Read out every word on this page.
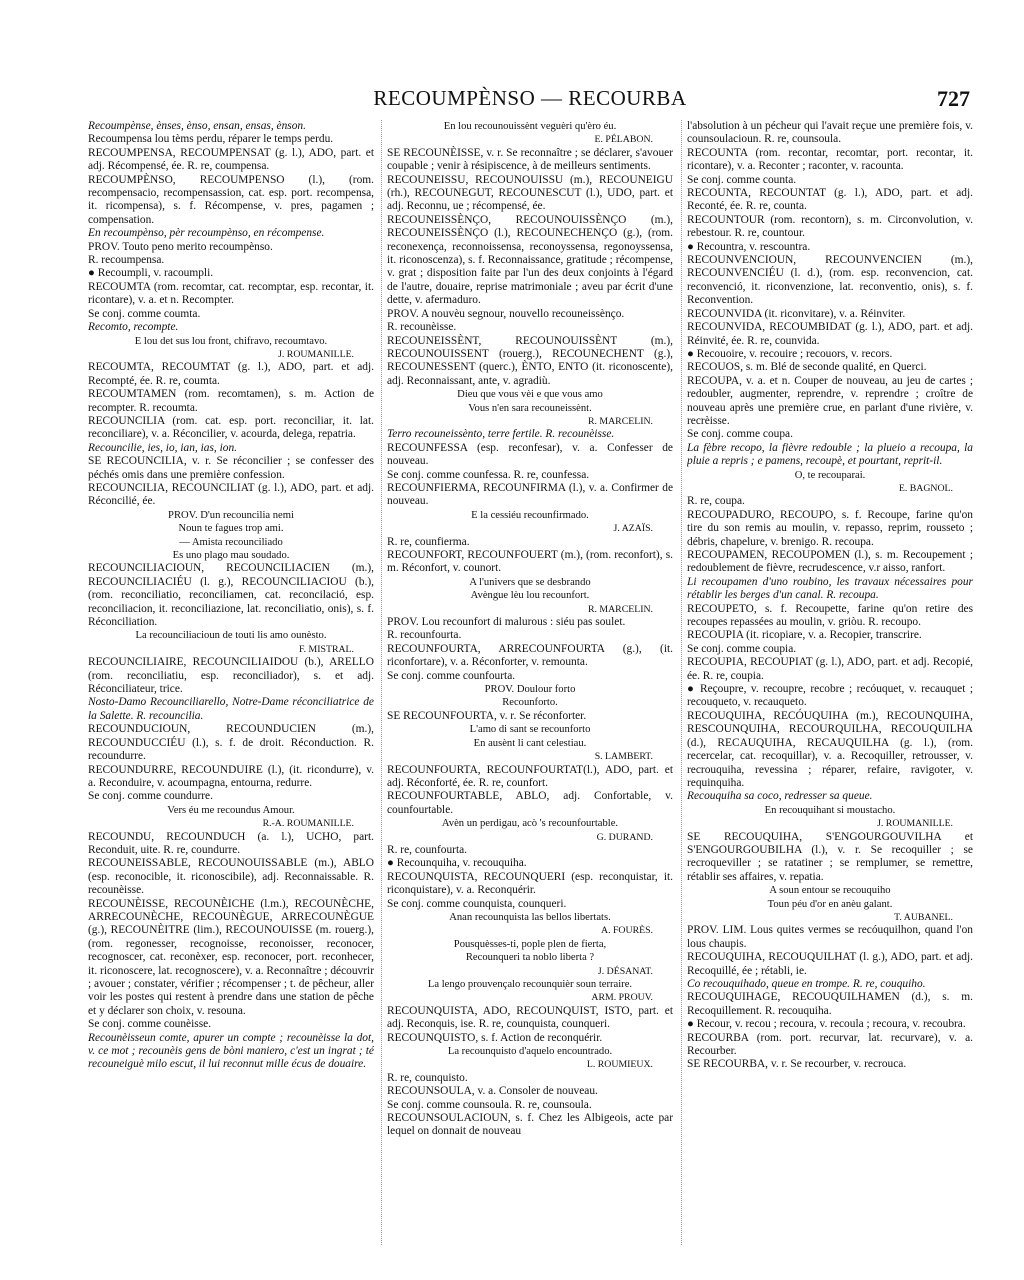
RECOUMPÈNSO — RECOURBA	727

Recoumpènse, ènses, ènso, ensan, ensas, ènson.

Recoumpensa lou tèms perdu, réparer le temps perdu.

RECOUMPENSA, RECOUMPENSAT (g. l.), ADO, part. et adj. Récompensé, ée. R. re, coumpensa.

RECOUMPÈNSO, RECOUMPENSO (l.), (rom. recompensacio, recompensassion, cat. esp. port. recompensa, it. ricompensa), s. f. Récompense, v. pres, pagamen ; compensation.

En recoumpènso, pèr recoumpènso, en récompense.

PROV. Touto peno merito recoumpènso.

R. recoumpensa.

● Recoumpli, v. racoumpli.

RECOUMTA (rom. recomtar, cat. recomptar, esp. recontar, it. ricontare), v. a. et n. Recompter.

Se conj. comme coumta.

Recomto, recompte.

E lou det sus lou front, chifravo, recoumtavo.

J. ROUMANILLE.

RECOUMTA, RECOUMTAT (g. l.), ADO, part. et adj. Recompté, ée. R. re, coumta.

RECOUMTAMEN (rom. recomtamen), s. m. Action de recompter. R. recoumta.

RECOUNCILIA (rom. cat. esp. port. reconciliar, it. lat. reconciliare), v. a. Réconcilier, v. acourda, delega, repatria.

Recouncilie, ies, io, ian, ias, ion.

SE RECOUNCILIA, v. r. Se réconcilier ; se confesser des péchés omis dans une première confession.

RECOUNCILIA, RECOUNCILIAT (g. l.), ADO, part. et adj. Réconcilié, ée.

PROV. D'un recouncilia nemi

Noun te fagues trop ami.

— Amista recounciliado

Es uno plago mau soudado.

RECOUNCILIACIOUN, RECOUNCILIACIEN (m.), RECOUNCILIACIÉU (l. g.), RECOUNCILIACIOU (b.), (rom. reconciliatio, reconciliamen, cat. reconcilació, esp. reconciliacion, it. reconciliazione, lat. reconciliatio, onis), s. f. Réconciliation.

La recounciliacioun de touti lis amo ounèsto.

F. MISTRAL.

RECOUNCILIAIRE, RECOUNCILIAIDOU (b.), ARELLO (rom. reconciliatiu, esp. reconciliador), s. et adj. Réconciliateur, trice.

Nosto-Damo Recounciliarello, Notre-Dame réconciliatrice de la Salette. R. recouncilia.

RECOUNDUCIOUN, RECOUNDUCIEN (m.), RECOUNDUCCIÉU (l.), s. f. de droit. Réconduction. R. recoundurre.

RECOUNDURRE, RECOUNDUIRE (l.), (it. ricondurre), v. a. Reconduire, v. acoumpagna, entourna, redurre.

Se conj. comme coundurre.

Vers éu me recoundus Amour.

R.-A. ROUMANILLE.

RECOUNDU, RECOUNDUCH (a. l.), UCHO, part. Reconduit, uite. R. re, coundurre.

RECOUNEISSABLE, RECOUNOUISSABLE (m.), ABLO (esp. reconocible, it. riconoscibile), adj. Reconnaissable. R. recounèisse.

RECOUNÈISSE, RECOUNÈICHE (l.m.), RECOUNÈCHE, ARRECOUNÈCHE, RECOUNÈGUE, ARRECOUNÈGUE (g.), RECOUNÈITRE (lim.), RECOUNOUISSE (m. rouerg.), (rom. regonesser, recognoisse, reconoisser, reconocer, recognoscer, cat. reconèxer, esp. reconocer, port. reconhecer, it. riconoscere, lat. recognoscere), v. a. Reconnaître ; découvrir ; avouer ; constater, vérifier ; récompenser ; t. de pêcheur, aller voir les postes qui restent à prendre dans une station de pêche et y déclarer son choix, v. resouna.

Se conj. comme counèisse.

Recounèisseun comte, apurer un compte ; recounèisse la dot, v. ce mot ; recounèis gens de bòni maniero, c'est un ingrat ; té recouneiguè milo escut, il lui reconnut mille écus de douaire.

En lou recounouissènt veguèri qu'èro éu.

E. PÉLABON.

SE RECOUNÈISSE, v. r. Se reconnaître ; se déclarer, s'avouer coupable ; venir à résipiscence, à de meilleurs sentiments.

RECOUNEISSU, RECOUNOUISSU (m.), RECOUNEIGU (rh.), RECOUNEGUT, RECOUNESCUT (l.), UDO, part. et adj. Reconnu, ue ; récompensé, ée.

RECOUNEISSÈNÇO, RECOUNOUISSÈNÇO (m.), RECOUNEISSÈNÇO (l.), RECOUNECHENÇO (g.), (rom. reconexença, reconnoissensa, reconoyssensa, regonoyssensa, it. riconoscenza), s. f. Reconnaissance, gratitude ; récompense, v. grat ; disposition faite par l'un des deux conjoints à l'égard de l'autre, douaire, reprise matrimoniale ; aveu par écrit d'une dette, v. afermaduro.

PROV. A nouvèu segnour, nouvello recouneissènço.

R. recounèisse.

RECOUNEISSÈNT, RECOUNOUISSÈNT (m.), RECOUNOUISSENT (rouerg.), RECOUNECHENT (g.), RECOUNESSENT (querc.), ÈNTO, ENTO (it. riconoscente), adj. Reconnaissant, ante, v. agradiù.

Dieu que vous vèi e que vous amo

Vous n'en sara recouneissènt.

R. MARCELIN.

Terro recouneissènto, terre fertile. R. recounèisse.

RECOUNFESSA (esp. reconfesar), v. a. Confesser de nouveau.

Se conj. comme counfessa. R. re, counfessa.

RECOUNFIERMA, RECOUNFIRMA (l.), v. a. Confirmer de nouveau.

E la cessiéu recounfirmado.

J. AZAÏS.

R. re, counfierma.

RECOUNFORT, RECOUNFOUERT (m.), (rom. reconfort), s. m. Réconfort, v. counort.

A l'univers que se desbrando

Avèngue lèu lou recounfort.

R. MARCELIN.

PROV. Lou recounfort di malurous : siéu pas soulet.

R. recounfourta.

RECOUNFOURTA, ARRECOUNFOURTA (g.), (it. riconfortare), v. a. Réconforter, v. remounta.

Se conj. comme counfourta.

PROV. Doulour forto

Recounforto.

SE RECOUNFOURTA, v. r. Se réconforter.

L'amo di sant se recounforto

En ausènt li cant celestiau.

S. LAMBERT.

RECOUNFOURTA, RECOUNFOURTAT(l.), ADO, part. et adj. Réconforté, ée. R. re, counfort.

RECOUNFOURTABLE, ABLO, adj. Confortable, v. counfourtable.

Avèn un perdigau, acò 's recounfourtable.

G. DURAND.

R. re, counfourta.

● Recounquiha, v. recouquiha.

RECOUNQUISTA, RECOUNQUERI (esp. reconquistar, it. riconquistare), v. a. Reconquérir.

Se conj. comme counquista, counqueri.

Anan recounquista las bellos libertats.

A. FOURÈS.

Pousquèsses-ti, pople plen de fierta,

Recounqueri ta noblo liberta ?

J. DÉSANAT.

La lengo prouvençalo recounquièr soun terraire.

ARM. PROUV.

RECOUNQUISTA, ADO, RECOUNQUIST, ISTO, part. et adj. Reconquis, ise. R. re, counquista, counqueri.

RECOUNQUISTO, s. f. Action de reconquérir.

La recounquisto d'aquelo encountrado.

L. ROUMIEUX.

R. re, counquisto.

RECOUNSOULA, v. a. Consoler de nouveau.

Se conj. comme counsoula. R. re, counsoula.

RECOUNSOULACIOUN, s. f. Chez les Albigeois, acte par lequel on donnait de nouveau

l'absolution à un pécheur qui l'avait reçue une première fois, v. counsoulacioun. R. re, counsoula.

RECOUNTA (rom. recontar, recomtar, port. recontar, it. ricontare), v. a. Reconter ; raconter, v. racounta.

Se conj. comme counta.

RECOUNTA, RECOUNTAT (g. l.), ADO, part. et adj. Reconté, ée. R. re, counta.

RECOUNTOUR (rom. recontorn), s. m. Circonvolution, v. rebestour. R. re, countour.

● Recountra, v. rescountra.

RECOUNVENCIOUN, RECOUNVENCIEN (m.), RECOUNVENCIÉU (l. d.), (rom. esp. reconvencion, cat. reconvenció, it. riconvenzione, lat. reconventio, onis), s. f. Reconvention.

RECOUNVIDA (it. riconvitare), v. a. Réinviter.

RECOUNVIDA, RECOUMBIDAT (g. l.), ADO, part. et adj. Réinvité, ée. R. re, counvida.

● Recouoire, v. recouire ; recouors, v. recors.

RECOUOS, s. m. Blé de seconde qualité, en Querci.

RECOUPA, v. a. et n. Couper de nouveau, au jeu de cartes ; redoubler, augmenter, reprendre, v. reprendre ; croître de nouveau après une première crue, en parlant d'une rivière, v. recrèisse.

Se conj. comme coupa.

La fèbre recopo, la fièvre redouble ; la plueio a recoupa, la pluie a repris ; e pamens, recoupè, et pourtant, reprit-il.

O, te recouparai.

E. BAGNOL.

R. re, coupa.

RECOUPADURO, RECOUPO, s. f. Recoupe, farine qu'on tire du son remis au moulin, v. repasso, reprim, rousseto ; débris, chapelure, v. brenigo. R. recoupa.

RECOUPAMEN, RECOUPOMEN (l.), s. m. Recoupement ; redoublement de fièvre, recrudescence, v.r aisso, ranfort.

Li recoupamen d'uno roubino, les travaux nécessaires pour rétablir les berges d'un canal. R. recoupa.

RECOUPETO, s. f. Recoupette, farine qu'on retire des recoupes repassées au moulin, v. griòu. R. recoupo.

RECOUPIA (it. ricopiare, v. a. Recopier, transcrire.

Se conj. comme coupia.

RECOUPIA, RECOUPIAT (g. l.), ADO, part. et adj. Recopié, ée. R. re, coupia.

● Reçoupre, v. recoupre, recobre ; recóuquet, v. recauquet ; recouqueto, v. recauqueto.

RECOUQUIHA, RECÓUQUIHA (m.), RECOUNQUIHA, RESCOUNQUIHA, RECOURQUILHA, RECOUQUILHA (d.), RECAUQUIHA, RECAUQUILHA (g. l.), (rom. recercelar, cat. recoquillar), v. a. Recoquiller, retrousser, v. recrouquiha, revessina ; réparer, refaire, ravigoter, v. requinquiha.

Recouquiha sa coco, redresser sa queue.

En recouquihant si moustacho.

J. ROUMANILLE.

SE RECOUQUIHA, S'ENGOURGOUVILHA et S'ENGOURGOUBILHA (l.), v. r. Se recoquiller ; se recroqueviller ; se ratatiner ; se remplumer, se remettre, rétablir ses affaires, v. repatia.

A soun entour se recouquiho

Toun péu d'or en anèu galant.

T. AUBANEL.

PROV. LIM. Lous quites vermes se recóuquilhon, quand l'on lous chaupis.

RECOUQUIHA, RECOUQUILHAT (l. g.), ADO, part. et adj. Recoquillé, ée ; rétabli, ie.

Co recouquihado, queue en trompe. R. re, couquiho.

RECOUQUIHAGE, RECOUQUILHAMEN (d.), s. m. Recoquillement. R. recouquiha.

● Recour, v. recou ; recoura, v. recoula ; recoura, v. recoubra.

RECOURBA (rom. port. recurvar, lat. recurvare), v. a. Recourber.

SE RECOURBA, v. r. Se recourber, v. recrouca.
